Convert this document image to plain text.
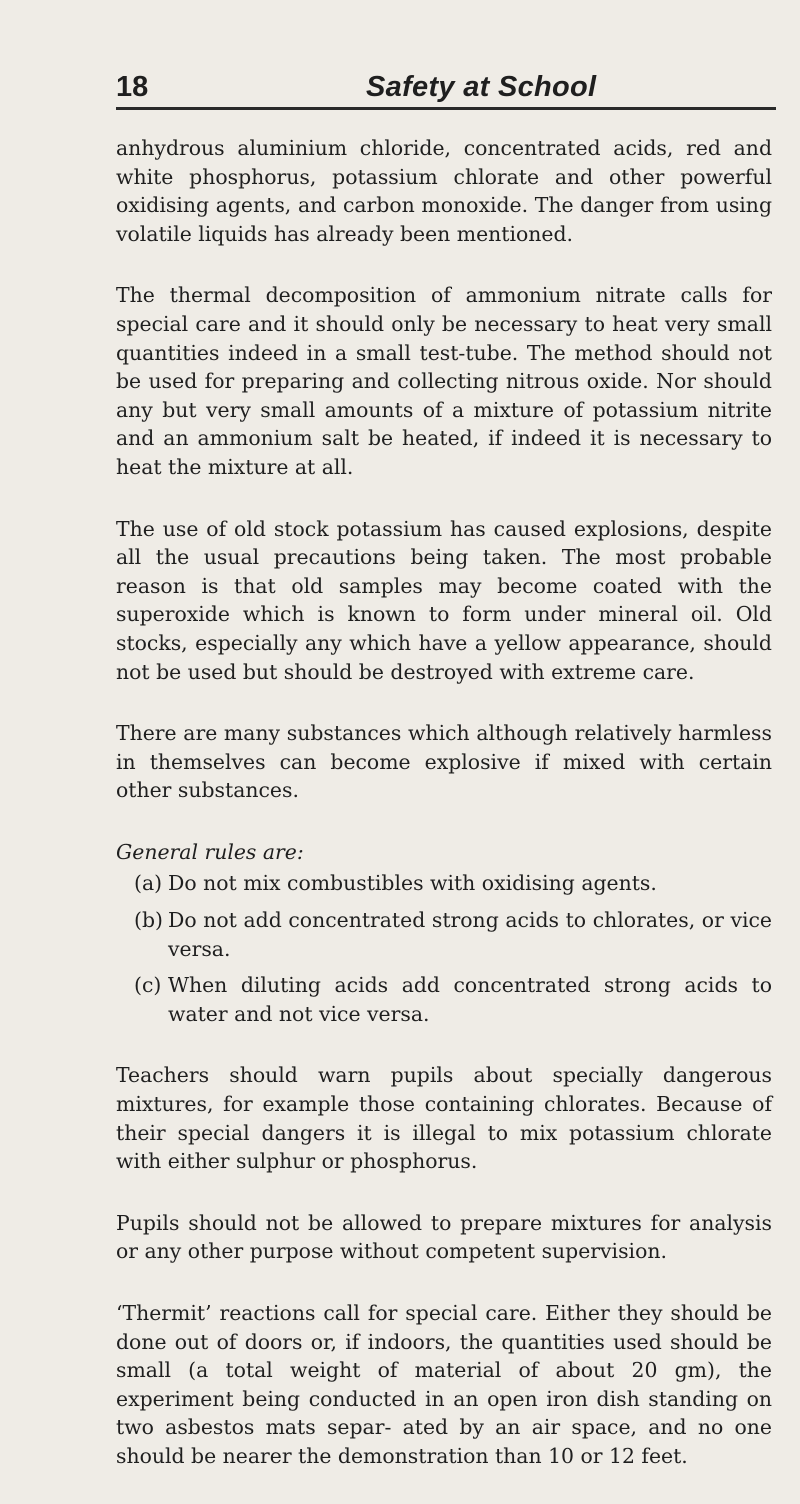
18	Safety at School

anhydrous aluminium chloride, concentrated acids, red and white phosphorus, potassium chlorate and other powerful oxidising agents, and carbon monoxide. The danger from using volatile liquids has already been mentioned.

The thermal decomposition of ammonium nitrate calls for special care and it should only be necessary to heat very small quantities indeed in a small test-tube. The method should not be used for preparing and collecting nitrous oxide. Nor should any but very small amounts of a mixture of potassium nitrite and an ammonium salt be heated, if indeed it is necessary to heat the mixture at all.

The use of old stock potassium has caused explosions, despite all the usual precautions being taken. The most probable reason is that old samples may become coated with the superoxide which is known to form under mineral oil. Old stocks, especially any which have a yellow appearance, should not be used but should be destroyed with extreme care.

There are many substances which although relatively harmless in themselves can become explosive if mixed with certain other substances.

General rules are:

(a) Do not mix combustibles with oxidising agents.
(b) Do not add concentrated strong acids to chlorates, or vice versa.
(c) When diluting acids add concentrated strong acids to water and not vice versa.

Teachers should warn pupils about specially dangerous mixtures, for example those containing chlorates. Because of their special dangers it is illegal to mix potassium chlorate with either sulphur or phosphorus.

Pupils should not be allowed to prepare mixtures for analysis or any other purpose without competent supervision.

‘Thermit’ reactions call for special care. Either they should be done out of doors or, if indoors, the quantities used should be small (a total weight of material of about 20 gm), the experiment being conducted in an open iron dish standing on two asbestos mats separ- ated by an air space, and no one should be nearer the demonstration than 10 or 12 feet.
